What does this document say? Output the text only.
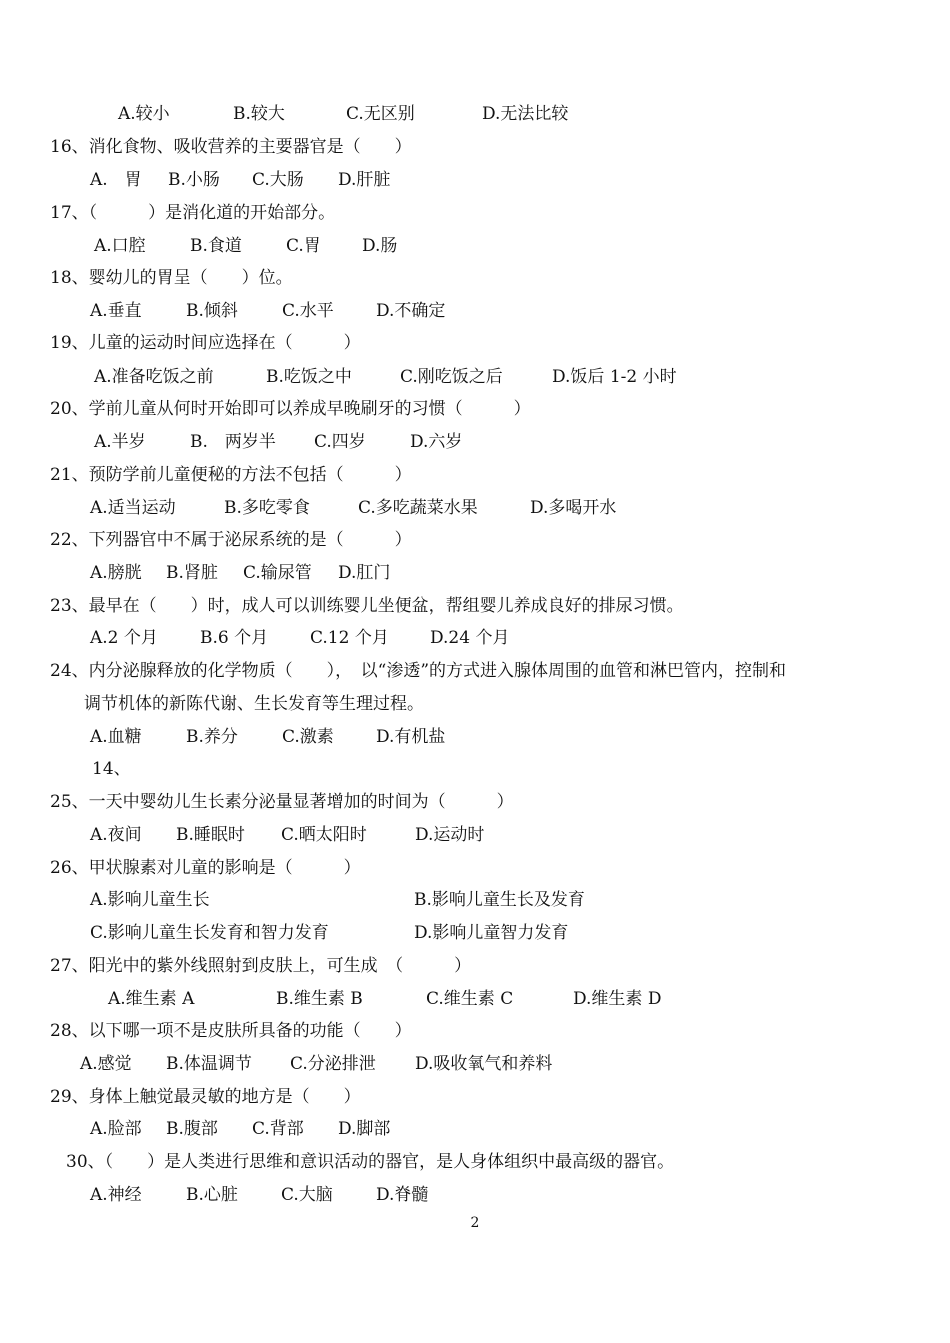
A.较小	B.较大	C.无区别	D.无法比较
16、消化食物、吸收营养的主要器官是（　　）
A.　胃 B.小肠 C.大肠 D.肝脏
17、（　　　）是消化道的开始部分。
A.口腔	B.食道	C.胃 D.肠
18、婴幼儿的胃呈（　　）位。
A.垂直	B.倾斜	C.水平 D.不确定
19、儿童的运动时间应选择在（　　　）
A.准备吃饭之前	B.吃饭之中	C.刚吃饭之后	D.饭后 1-2 小时
20、学前儿童从何时开始即可以养成早晚刷牙的习惯（　　　）
A.半岁	B.　两岁半 C.四岁	D.六岁
21、预防学前儿童便秘的方法不包括（　　　）
A.适当运动	B.多吃零食	C.多吃蔬菜水果	D.多喝开水
22、下列器官中不属于泌尿系统的是（　　　）
A.膀胱 B.肾脏 C.输尿管 D.肛门
23、最早在（　　）时，成人可以训练婴儿坐便盆，帮组婴儿养成良好的排尿习惯。
A.2 个月 B.6 个月 C.12 个月 D.24 个月
24、内分泌腺释放的化学物质（　　），　以“渗透”的方式进入腺体周围的血管和淋巴管内，控制和
调节机体的新陈代谢、生长发育等生理过程。
A.血糖	B.养分	C.激素 D.有机盐
14、
25、一天中婴幼儿生长素分泌量显著增加的时间为（　　　）
A.夜间 B.睡眠时 C.晒太阳时	D.运动时
26、甲状腺素对儿童的影响是（　　　）
A.影响儿童生长	B.影响儿童生长及发育
C.影响儿童生长发育和智力发育	D.影响儿童智力发育
27、阳光中的紫外线照射到皮肤上，可生成　（　　　）
A.维生素 A	B.维生素 B	C.维生素 C	D.维生素 D
28、以下哪一项不是皮肤所具备的功能（　　）
A.感觉 B.体温调节 C.分泌排泄 D.吸收氧气和养料
29、身体上触觉最灵敏的地方是（　　）
A.脸部 B.腹部 C.背部 D.脚部
30、（　　）是人类进行思维和意识活动的器官，是人身体组织中最高级的器官。
A.神经	B.心脏	C.大脑	D.脊髓
2
